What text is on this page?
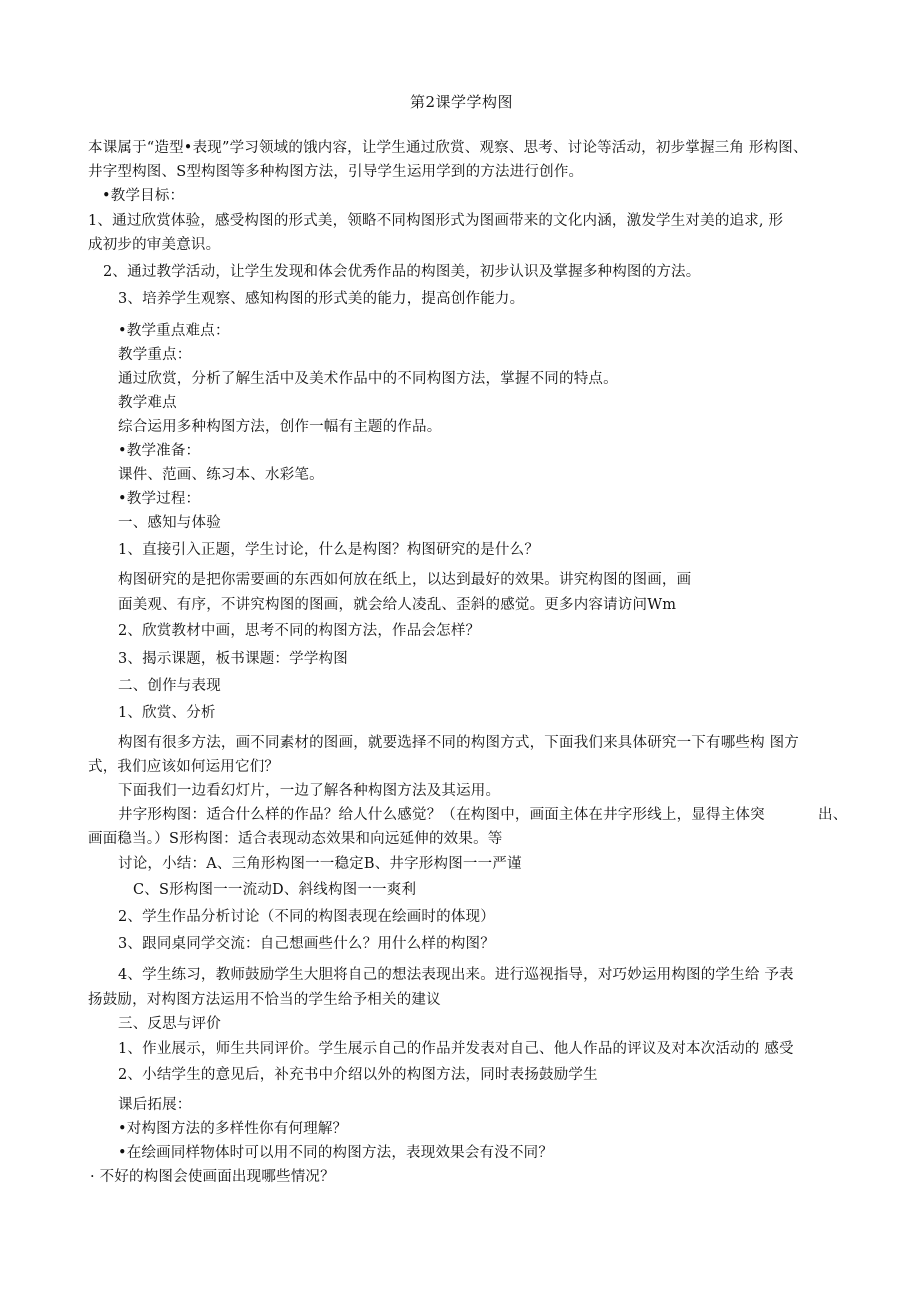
第2课学学构图
本课属于“造型•表现”学习领域的饿内容，让学生通过欣赏、观察、思考、讨论等活动，初步掌握三角 形构图、
井字型构图、S型构图等多种构图方法，引导学生运用学到的方法进行创作。
•教学目标：
1、通过欣赏体验，感受构图的形式美，领略不同构图形式为图画带来的文化内涵，激发学生对美的追求, 形
成初步的审美意识。
2、通过教学活动，让学生发现和体会优秀作品的构图美，初步认识及掌握多种构图的方法。
3、培养学生观察、感知构图的形式美的能力，提高创作能力。
•教学重点难点：
教学重点：
通过欣赏，分析了解生活中及美术作品中的不同构图方法，掌握不同的特点。
教学难点
综合运用多种构图方法，创作一幅有主题的作品。
•教学准备：
课件、范画、练习本、水彩笔。
•教学过程：
一、感知与体验
1、直接引入正题，学生讨论，什么是构图？构图研究的是什么？
构图研究的是把你需要画的东西如何放在纸上，以达到最好的效果。讲究构图的图画，画
面美观、有序，不讲究构图的图画，就会给人凌乱、歪斜的感觉。更多内容请访问Wm
2、欣赏教材中画，思考不同的构图方法，作品会怎样？
3、揭示课题，板书课题：学学构图
二、创作与表现
1、欣赏、分析
构图有很多方法，画不同素材的图画，就要选择不同的构图方式，下面我们来具体研究一下有哪些构 图方
式，我们应该如何运用它们？
下面我们一边看幻灯片，一边了解各种构图方法及其运用。
井字形构图：适合什么样的作品？给人什么感觉？（在构图中，画面主体在井字形线上，显得主体突	出、
画面稳当。）S形构图：适合表现动态效果和向远延伸的效果。等
讨论，小结：A、三角形构图一一稳定B、井字形构图一一严谨
C、S形构图一一流动D、斜线构图一一爽利
2、学生作品分析讨论（不同的构图表现在绘画时的体现）
3、跟同桌同学交流：自己想画些什么？用什么样的构图？
4、学生练习，教师鼓励学生大胆将自己的想法表现出来。进行巡视指导，对巧妙运用构图的学生给 予表
扬鼓励，对构图方法运用不恰当的学生给予相关的建议
三、反思与评价
1、作业展示，师生共同评价。学生展示自己的作品并发表对自己、他人作品的评议及对本次活动的 感受
2、小结学生的意见后，补充书中介绍以外的构图方法，同时表扬鼓励学生
课后拓展：
•对构图方法的多样性你有何理解？
•在绘画同样物体时可以用不同的构图方法，表现效果会有没不同？
· 不好的构图会使画面出现哪些情况？
